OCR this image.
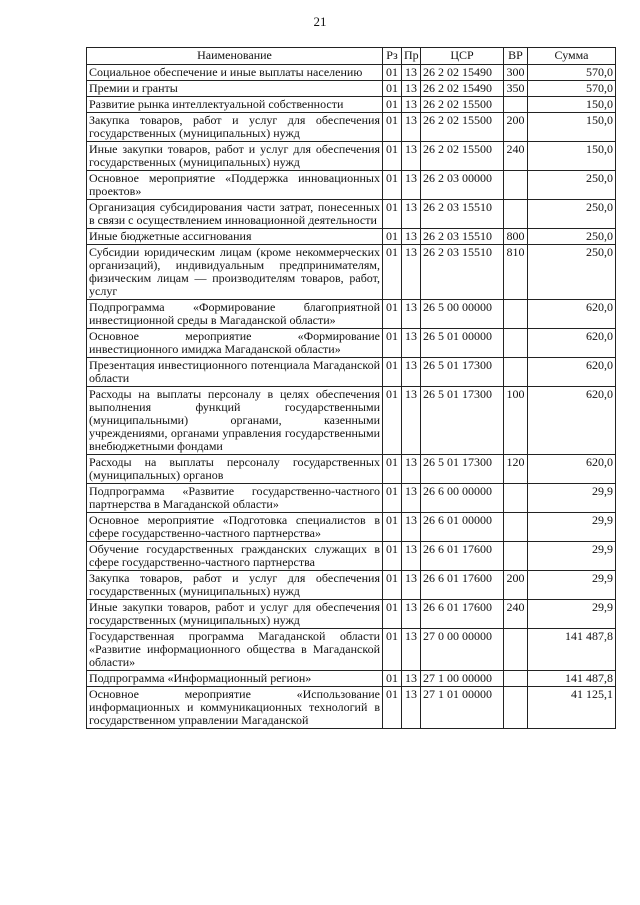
21
Наименование	Рз	Пр	ЦСР	ВР	Сумма
Социальное обеспечение и иные выплаты населению	01	13	26 2 02 15490	300	570,0
Премии и гранты	01	13	26 2 02 15490	350	570,0
Развитие рынка интеллектуальной собственности	01	13	26 2 02 15500		150,0
Закупка товаров, работ и услуг для обеспечения государственных (муниципальных) нужд	01	13	26 2 02 15500	200	150,0
Иные закупки товаров, работ и услуг для обеспечения государственных (муниципальных) нужд	01	13	26 2 02 15500	240	150,0
Основное мероприятие «Поддержка инновационных проектов»	01	13	26 2 03 00000		250,0
Организация субсидирования части затрат, понесенных в связи с осуществлением инновационной деятельности	01	13	26 2 03 15510		250,0
Иные бюджетные ассигнования	01	13	26 2 03 15510	800	250,0
Субсидии юридическим лицам (кроме некоммерческих организаций), индивидуальным предпринимателям, физическим лицам — производителям товаров, работ, услуг	01	13	26 2 03 15510	810	250,0
Подпрограмма «Формирование благоприятной инвестиционной среды в Магаданской области»	01	13	26 5 00 00000		620,0
Основное мероприятие «Формирование инвестиционного имиджа Магаданской области»	01	13	26 5 01 00000		620,0
Презентация инвестиционного потенциала Магаданской области	01	13	26 5 01 17300		620,0
Расходы на выплаты персоналу в целях обеспечения выполнения функций государственными (муниципальными) органами, казенными учреждениями, органами управления государственными внебюджетными фондами	01	13	26 5 01 17300	100	620,0
Расходы на выплаты персоналу государственных (муниципальных) органов	01	13	26 5 01 17300	120	620,0
Подпрограмма «Развитие государственно-частного партнерства в Магаданской области»	01	13	26 6 00 00000		29,9
Основное мероприятие «Подготовка специалистов в сфере государственно-частного партнерства»	01	13	26 6 01 00000		29,9
Обучение государственных гражданских служащих в сфере государственно-частного партнерства	01	13	26 6 01 17600		29,9
Закупка товаров, работ и услуг для обеспечения государственных (муниципальных) нужд	01	13	26 6 01 17600	200	29,9
Иные закупки товаров, работ и услуг для обеспечения государственных (муниципальных) нужд	01	13	26 6 01 17600	240	29,9
Государственная программа Магаданской области «Развитие информационного общества в Магаданской области»	01	13	27 0 00 00000		141 487,8
Подпрограмма «Информационный регион»	01	13	27 1 00 00000		141 487,8
Основное мероприятие «Использование информационных и коммуникационных технологий в государственном управлении Магаданской	01	13	27 1 01 00000		41 125,1
